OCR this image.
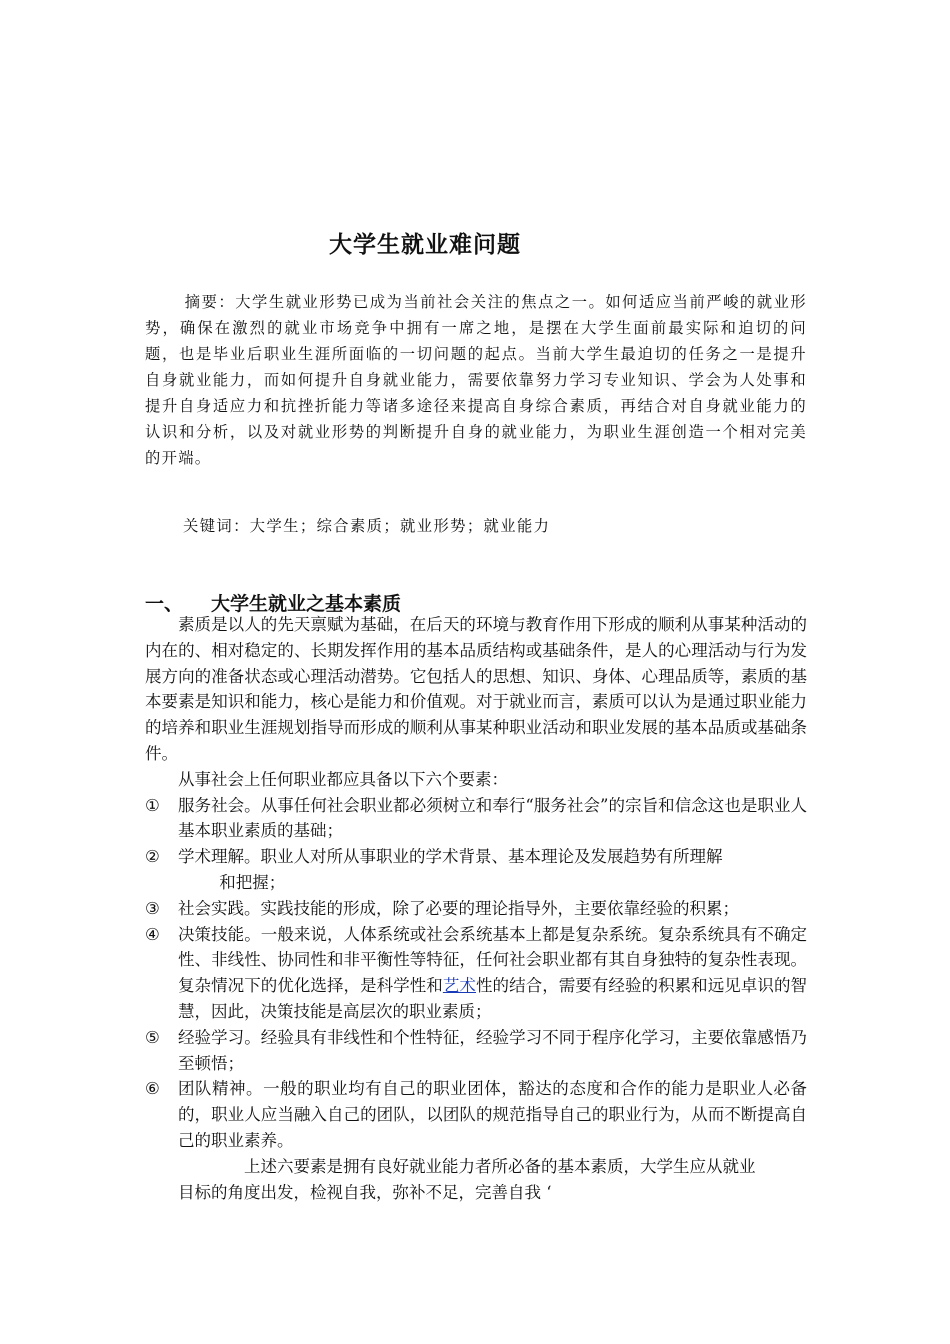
大学生就业难问题
摘要：大学生就业形势已成为当前社会关注的焦点之一。如何适应当前严峻的就业形势，确保在激烈的就业市场竞争中拥有一席之地，是摆在大学生面前最实际和迫切的问题，也是毕业后职业生涯所面临的一切问题的起点。当前大学生最迫切的任务之一是提升自身就业能力，而如何提升自身就业能力，需要依靠努力学习专业知识、学会为人处事和提升自身适应力和抗挫折能力等诸多途径来提高自身综合素质，再结合对自身就业能力的认识和分析，以及对就业形势的判断提升自身的就业能力，为职业生涯创造一个相对完美的开端。
关键词：大学生；综合素质；就业形势；就业能力
一、 大学生就业之基本素质

素质是以人的先天禀赋为基础，在后天的环境与教育作用下形成的顺利从事某种活动的内在的、相对稳定的、长期发挥作用的基本品质结构或基础条件，是人的心理活动与行为发展方向的准备状态或心理活动潜势。它包括人的思想、知识、身体、心理品质等，素质的基本要素是知识和能力，核心是能力和价值观。对于就业而言，素质可以认为是通过职业能力的培养和职业生涯规划指导而形成的顺利从事某种职业活动和职业发展的基本品质或基础条件。

从事社会上任何职业都应具备以下六个要素：

①	服务社会。从事任何社会职业都必须树立和奉行“服务社会”的宗旨和信念这也是职业人基本职业素质的基础；
②	学术理解。职业人对所从事职业的学术背景、基本理论及发展趋势有所理解
和把握；
③	社会实践。实践技能的形成，除了必要的理论指导外，主要依靠经验的积累；
④	决策技能。一般来说，人体系统或社会系统基本上都是复杂系统。复杂系统具有不确定性、非线性、协同性和非平衡性等特征，任何社会职业都有其自身独特的复杂性表现。复杂情况下的优化选择，是科学性和艺术性的结合，需要有经验的积累和远见卓识的智慧，因此，决策技能是高层次的职业素质；
⑤	经验学习。经验具有非线性和个性特征，经验学习不同于程序化学习，主要依靠感悟乃至顿悟；
⑥	团队精神。一般的职业均有自己的职业团体，豁达的态度和合作的能力是职业人必备的，职业人应当融入自己的团队，以团队的规范指导自己的职业行为，从而不断提高自己的职业素养。

上述六要素是拥有良好就业能力者所必备的基本素质，大学生应从就业

目标的角度出发，检视自我，弥补不足，完善自我 ‘
